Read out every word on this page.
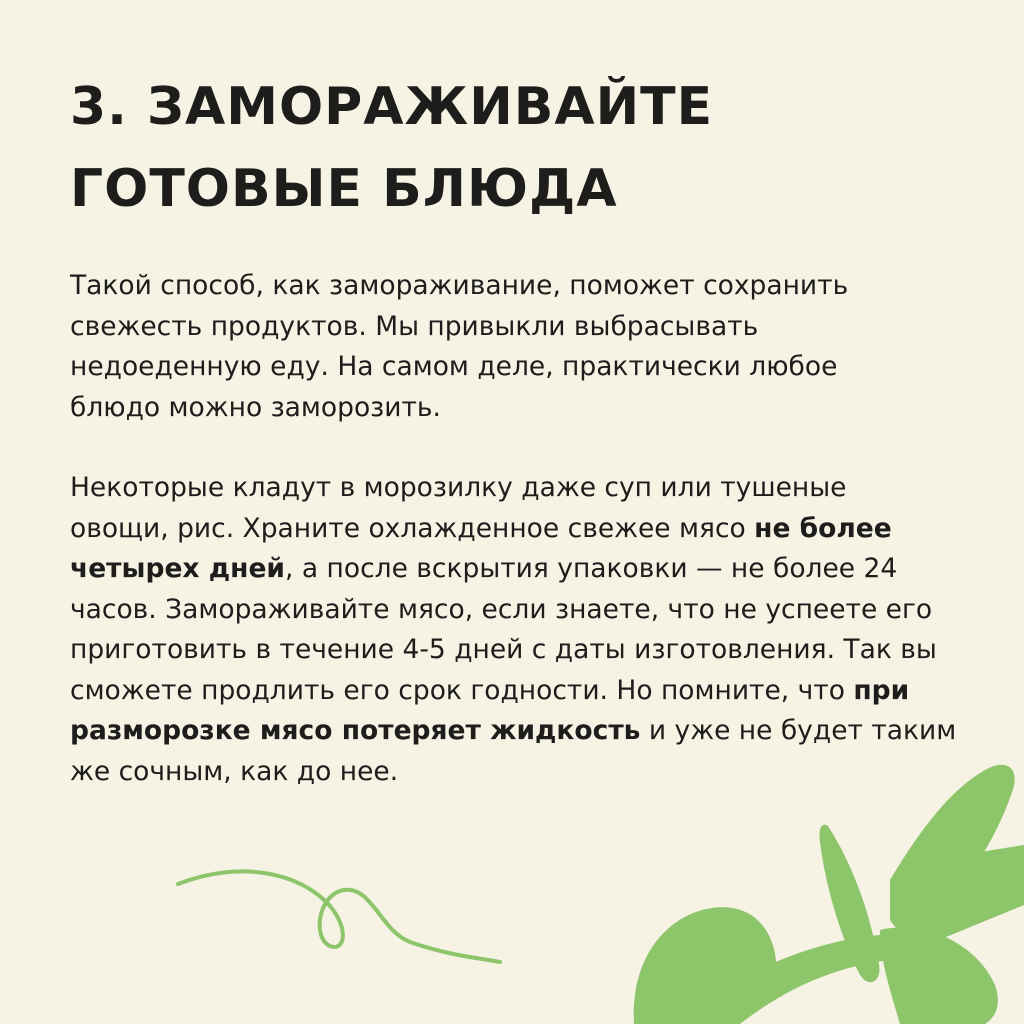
3. ЗАМОРАЖИВАЙТЕ
ГОТОВЫЕ БЛЮДА

Такой способ, как замораживание, поможет сохранить
свежесть продуктов. Мы привыкли выбрасывать
недоеденную еду. На самом деле, практически любое
блюдо можно заморозить.

Некоторые кладут в морозилку даже суп или тушеные
овощи, рис. Храните охлажденное свежее мясо не более
четырех дней, а после вскрытия упаковки — не более 24
часов. Замораживайте мясо, если знаете, что не успеете его
приготовить в течение 4-5 дней с даты изготовления. Так вы
сможете продлить его срок годности. Но помните, что при
разморозке мясо потеряет жидкость и уже не будет таким
же сочным, как до нее.
